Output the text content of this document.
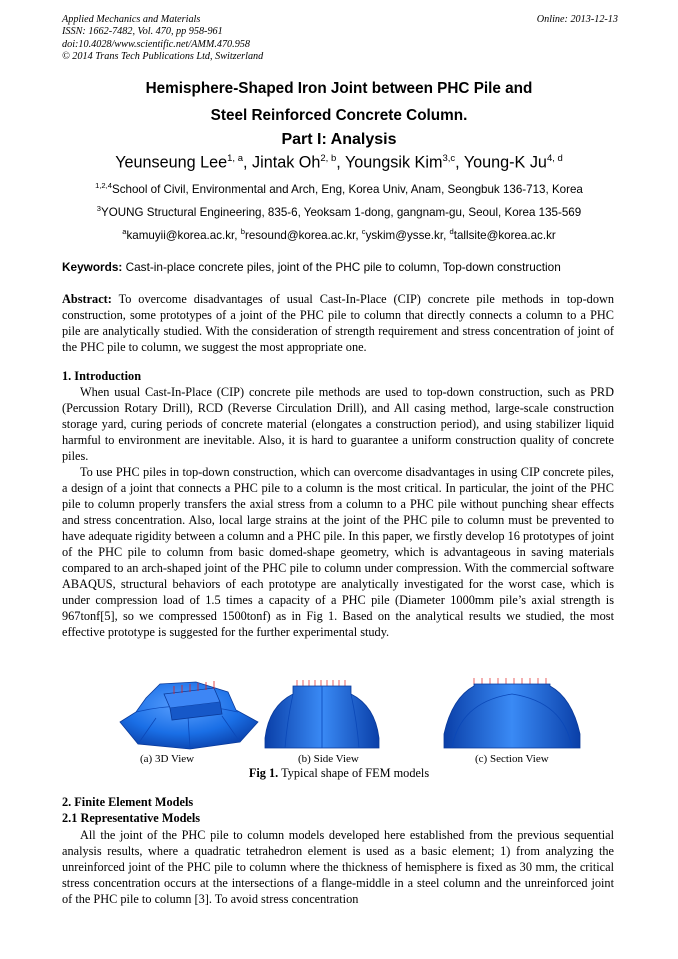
Applied Mechanics and Materials
ISSN: 1662-7482, Vol. 470, pp 958-961
doi:10.4028/www.scientific.net/AMM.470.958
© 2014 Trans Tech Publications Ltd, Switzerland
Online: 2013-12-13
Hemisphere-Shaped Iron Joint between PHC Pile and
Steel Reinforced Concrete Column.
Part I: Analysis
Yeunseung Lee$^{1, a}$, Jintak Oh$^{2, b}$, Youngsik Kim$^{3,c}$, Young-K Ju$^{4, d}$
$^{1,2,4}$School of Civil, Environmental and Arch, Eng, Korea Univ, Anam, Seongbuk 136-713, Korea
$^3$YOUNG Structural Engineering, 835-6, Yeoksam 1-dong, gangnam-gu, Seoul, Korea 135-569
$^a$kamuyii@korea.ac.kr, $^b$resound@korea.ac.kr, $^c$yskim@ysse.kr, $^d$tallsite@korea.ac.kr
Keywords: Cast-in-place concrete piles, joint of the PHC pile to column, Top-down construction
Abstract: To overcome disadvantages of usual Cast-In-Place (CIP) concrete pile methods in top-down construction, some prototypes of a joint of the PHC pile to column that directly connects a column to a PHC pile are analytically studied. With the consideration of strength requirement and stress concentration of joint of the PHC pile to column, we suggest the most appropriate one.
1. Introduction
When usual Cast-In-Place (CIP) concrete pile methods are used to top-down construction, such as PRD (Percussion Rotary Drill), RCD (Reverse Circulation Drill), and All casing method, large-scale construction storage yard, curing periods of concrete material (elongates a construction period), and using stabilizer liquid harmful to environment are inevitable. Also, it is hard to guarantee a uniform construction quality of concrete piles.
To use PHC piles in top-down construction, which can overcome disadvantages in using CIP concrete piles, a design of a joint that connects a PHC pile to a column is the most critical. In particular, the joint of the PHC pile to column properly transfers the axial stress from a column to a PHC pile without punching shear effects and stress concentration. Also, local large strains at the joint of the PHC pile to column must be prevented to have adequate rigidity between a column and a PHC pile. In this paper, we firstly develop 16 prototypes of joint of the PHC pile to column from basic domed-shape geometry, which is advantageous in saving materials compared to an arch-shaped joint of the PHC pile to column under compression. With the commercial software ABAQUS, structural behaviors of each prototype are analytically investigated for the worst case, which is under compression load of 1.5 times a capacity of a PHC pile (Diameter 1000mm pile’s axial strength is 967tonf[5], so we compressed 1500tonf) as in Fig 1. Based on the analytical results we studied, the most effective prototype is suggested for the further experimental study.
(a) 3D View	(b) Side View	(c) Section View
Fig 1. Typical shape of FEM models
2. Finite Element Models
2.1 Representative Models
All the joint of the PHC pile to column models developed here established from the previous sequential analysis results, where a quadratic tetrahedron element is used as a basic element; 1) from analyzing the unreinforced joint of the PHC pile to column where the thickness of hemisphere is fixed as 30 mm, the critical stress concentration occurs at the intersections of a flange-middle in a steel column and the unreinforced joint of the PHC pile to column [3]. To avoid stress concentration
